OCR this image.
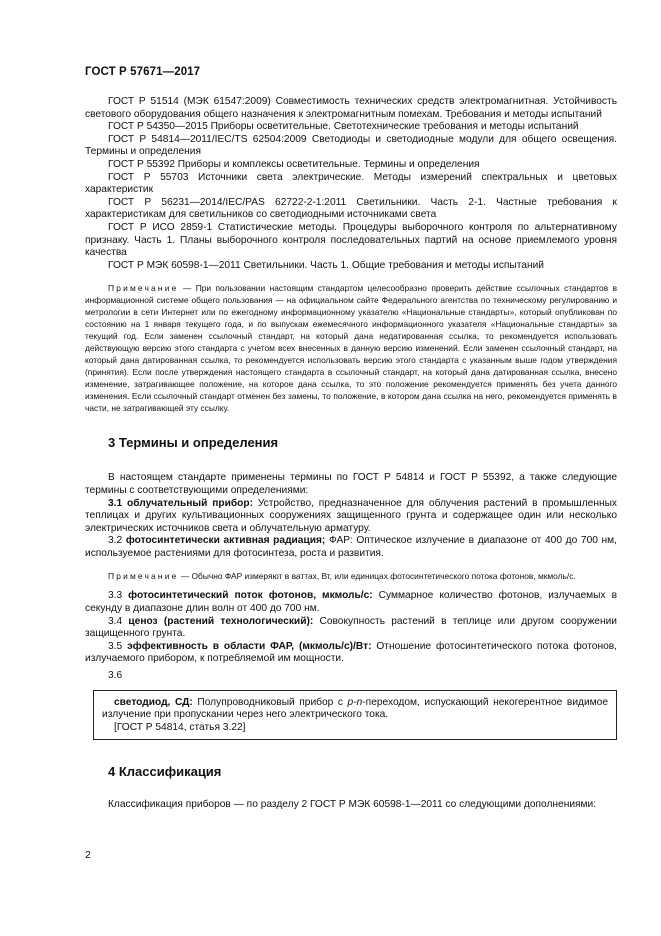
ГОСТ Р 57671—2017

ГОСТ Р 51514 (МЭК 61547:2009) Совместимость технических средств электромагнитная. Устойчивость светового оборудования общего назначения к электромагнитным помехам. Требования и методы испытаний

ГОСТ Р 54350—2015 Приборы осветительные. Светотехнические требования и методы испытаний

ГОСТ Р 54814—2011/IEC/TS 62504:2009 Светодиоды и светодиодные модули для общего освещения. Термины и определения

ГОСТ Р 55392 Приборы и комплексы осветительные. Термины и определения

ГОСТ Р 55703 Источники света электрические. Методы измерений спектральных и цветовых характеристик

ГОСТ Р 56231—2014/IEC/PAS 62722-2-1:2011 Светильники. Часть 2-1. Частные требования к характеристикам для светильников со светодиодными источниками света

ГОСТ Р ИСО 2859-1 Статистические методы. Процедуры выборочного контроля по альтернативному признаку. Часть 1. Планы выборочного контроля последовательных партий на основе приемлемого уровня качества

ГОСТ Р МЭК 60598-1—2011 Светильники. Часть 1. Общие требования и методы испытаний

Примечание — При пользовании настоящим стандартом целесообразно проверить действие ссылочных стандартов в информационной системе общего пользования — на официальном сайте Федерального агентства по техническому регулированию и метрологии в сети Интернет или по ежегодному информационному указателю «Национальные стандарты», который опубликован по состоянию на 1 января текущего года, и по выпускам ежемесячного информационного указателя «Национальные стандарты» за текущий год. Если заменен ссылочный стандарт, на который дана недатированная ссылка, то рекомендуется использовать действующую версию этого стандарта с учетом всех внесенных в данную версию изменений. Если заменен ссылочный стандарт, на который дана датированная ссылка, то рекомендуется использовать версию этого стандарта с указанным выше годом утверждения (принятия). Если после утверждения настоящего стандарта в ссылочный стандарт, на который дана датированная ссылка, внесено изменение, затрагивающее положение, на которое дана ссылка, то это положение рекомендуется применять без учета данного изменения. Если ссылочный стандарт отменен без замены, то положение, в котором дана ссылка на него, рекомендуется применять в части, не затрагивающей эту ссылку.

3 Термины и определения

В настоящем стандарте применены термины по ГОСТ Р 54814 и ГОСТ Р 55392, а также следующие термины с соответствующими определениями:

3.1 облучательный прибор: Устройство, предназначенное для облучения растений в промышленных теплицах и других культивационных сооружениях защищенного грунта и содержащее один или несколько электрических источников света и облучательную арматуру.

3.2 фотосинтетически активная радиация; ФАР: Оптическое излучение в диапазоне от 400 до 700 нм, используемое растениями для фотосинтеза, роста и развития.

Примечание — Обычно ФАР измеряют в ваттах, Вт, или единицах фотосинтетического потока фотонов, мкмоль/с.

3.3 фотосинтетический поток фотонов, мкмоль/с: Суммарное количество фотонов, излучаемых в секунду в диапазоне длин волн от 400 до 700 нм.

3.4 ценоз (растений технологический): Совокупность растений в теплице или другом сооружении защищенного грунта.

3.5 эффективность в области ФАР, (мкмоль/с)/Вт: Отношение фотосинтетического потока фотонов, излучаемого прибором, к потребляемой им мощности.

3.6

светодиод, СД: Полупроводниковый прибор с p-n-переходом, испускающий некогерентное видимое излучение при пропускании через него электрического тока.

[ГОСТ Р 54814, статья 3.22]

4 Классификация

Классификация приборов — по разделу 2 ГОСТ Р МЭК 60598-1—2011 со следующими дополнениями:

2
